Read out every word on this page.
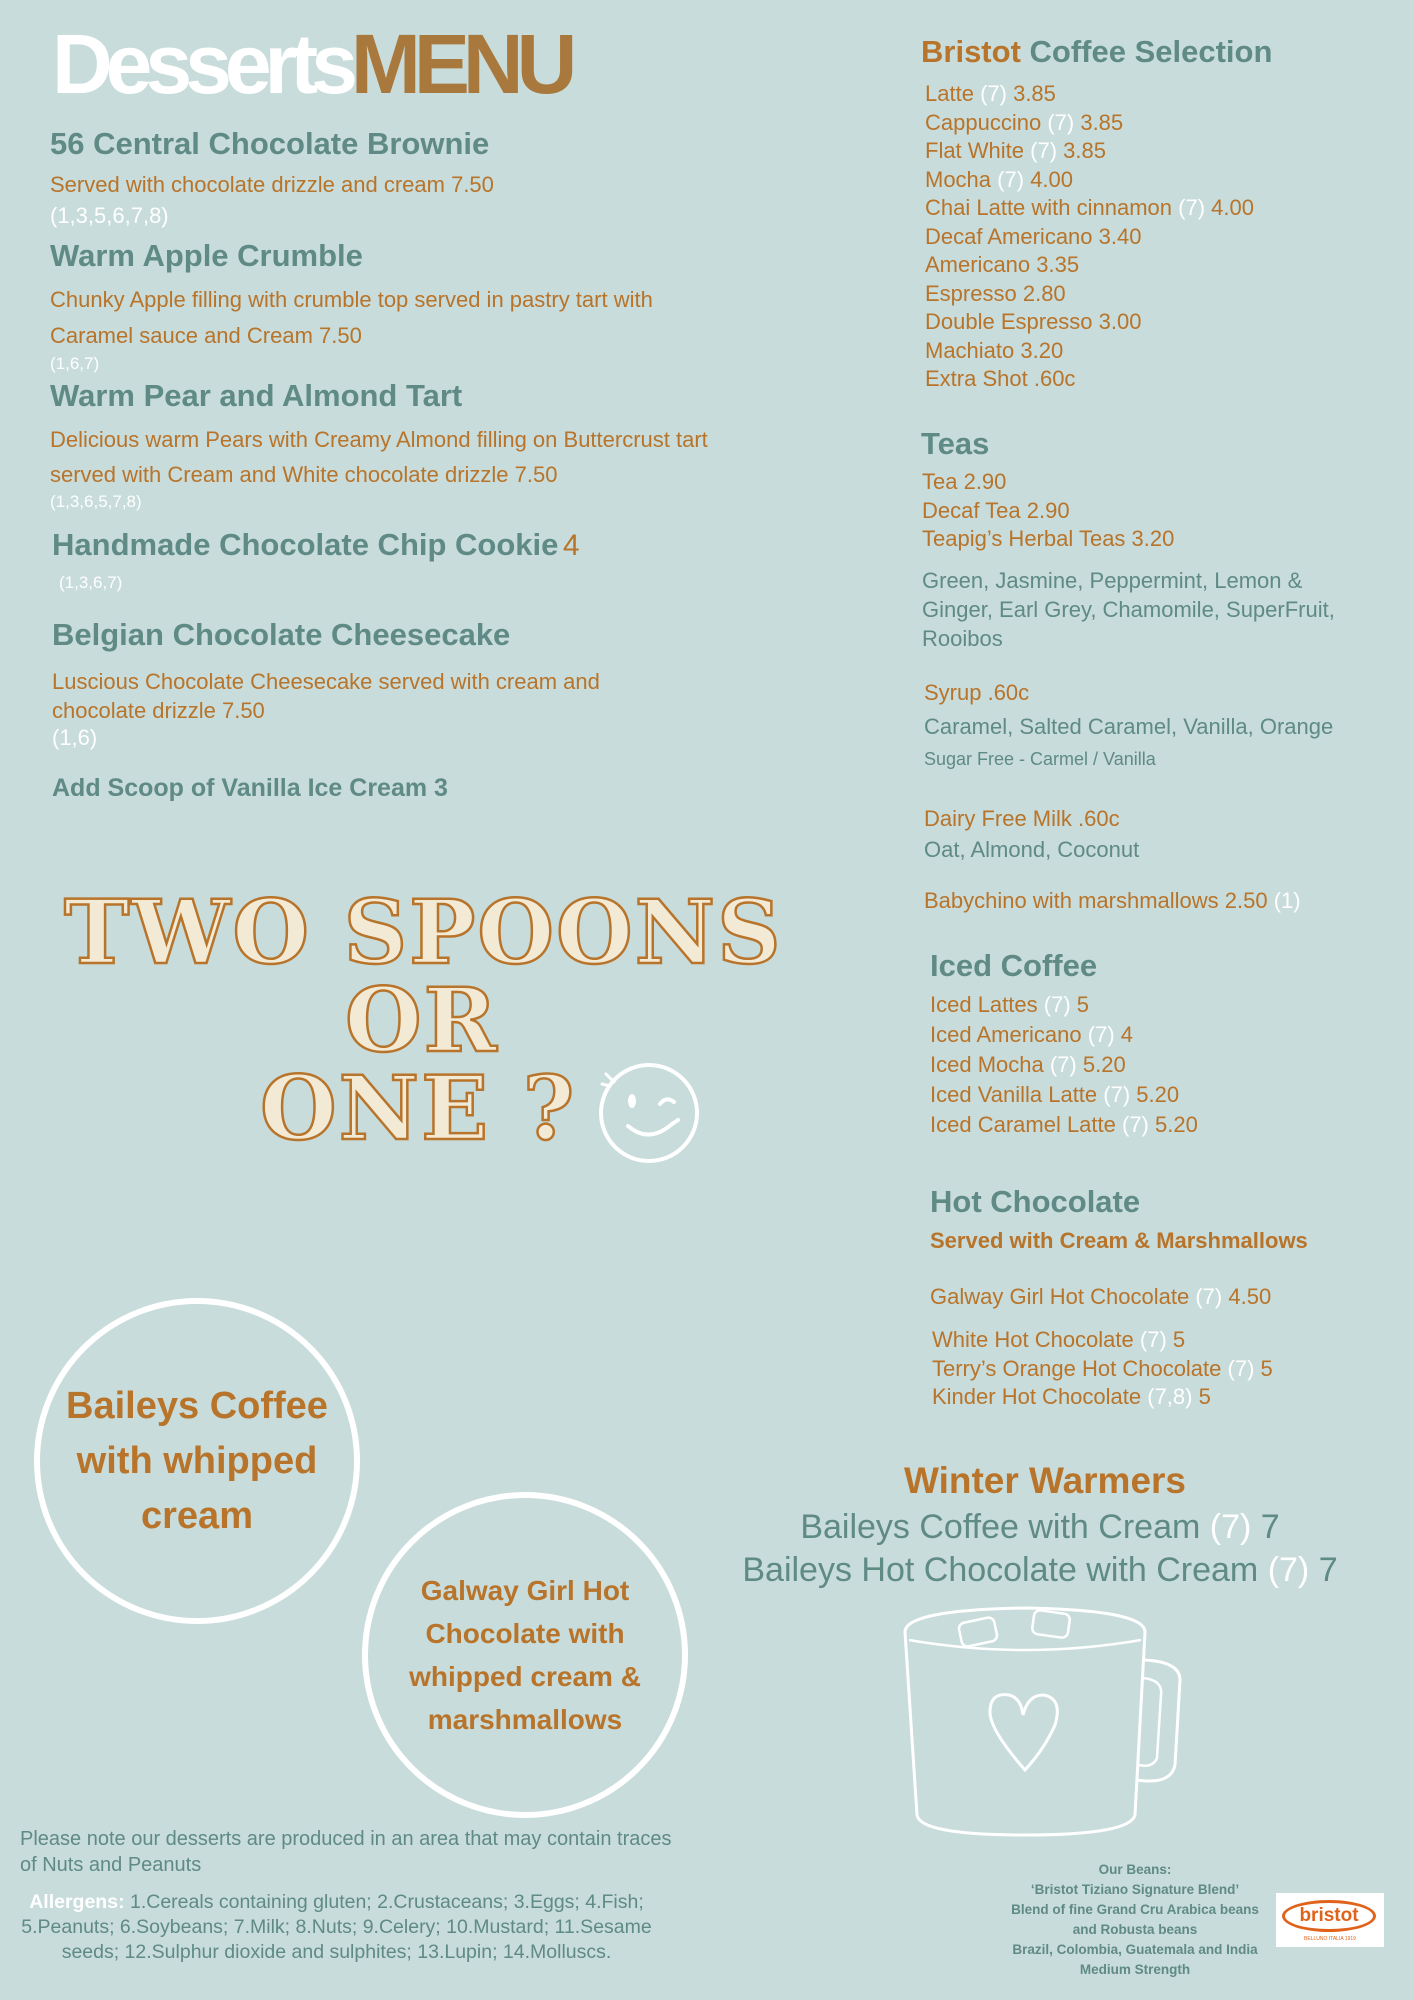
DessertsMENU
56 Central Chocolate Brownie
Served with chocolate drizzle and cream 7.50
(1,3,5,6,7,8)
Warm Apple Crumble
Chunky Apple filling with crumble top served in pastry tart with Caramel sauce and Cream 7.50
(1,6,7)
Warm Pear and Almond Tart
Delicious warm Pears with Creamy Almond filling on Buttercrust tart served with Cream and White chocolate drizzle 7.50
(1,3,6,5,7,8)
Handmade Chocolate Chip Cookie 4
(1,3,6,7)
Belgian Chocolate Cheesecake
Luscious Chocolate Cheesecake served with cream and chocolate drizzle 7.50
(1,6)
Add Scoop of Vanilla Ice Cream 3
TWO SPOONS
OR
ONE ?
Baileys Coffee with whipped cream
Galway Girl Hot Chocolate with whipped cream & marshmallows
Please note our desserts are produced in an area that may contain traces of Nuts and Peanuts
Allergens: 1.Cereals containing gluten; 2.Crustaceans; 3.Eggs; 4.Fish; 5.Peanuts; 6.Soybeans; 7.Milk; 8.Nuts; 9.Celery; 10.Mustard; 11.Sesame seeds; 12.Sulphur dioxide and sulphites; 13.Lupin; 14.Molluscs.
Bristot Coffee Selection
Latte (7) 3.85
Cappuccino (7) 3.85
Flat White (7) 3.85
Mocha (7) 4.00
Chai Latte with cinnamon (7) 4.00
Decaf Americano 3.40
Americano 3.35
Espresso 2.80
Double Espresso 3.00
Machiato 3.20
Extra Shot .60c
Teas
Tea 2.90
Decaf Tea 2.90
Teapig’s Herbal Teas 3.20
Green, Jasmine, Peppermint, Lemon & Ginger, Earl Grey, Chamomile, SuperFruit, Rooibos
Syrup .60c
Caramel, Salted Caramel, Vanilla, Orange
Sugar Free - Carmel / Vanilla
Dairy Free Milk .60c
Oat, Almond, Coconut
Babychino with marshmallows 2.50 (1)
Iced Coffee
Iced Lattes (7) 5
Iced Americano (7) 4
Iced Mocha (7) 5.20
Iced Vanilla Latte (7) 5.20
Iced Caramel Latte (7) 5.20
Hot Chocolate
Served with Cream & Marshmallows
Galway Girl Hot Chocolate (7) 4.50
White Hot Chocolate (7) 5
Terry’s Orange Hot Chocolate (7) 5
Kinder Hot Chocolate (7,8) 5
Winter Warmers
Baileys Coffee with Cream (7) 7
Baileys Hot Chocolate with Cream (7) 7
Our Beans:
‘Bristot Tiziano Signature Blend’
Blend of fine Grand Cru Arabica beans
and Robusta beans
Brazil, Colombia, Guatemala and India
Medium Strength
bristot
BELLUNO ITALIA 1919
